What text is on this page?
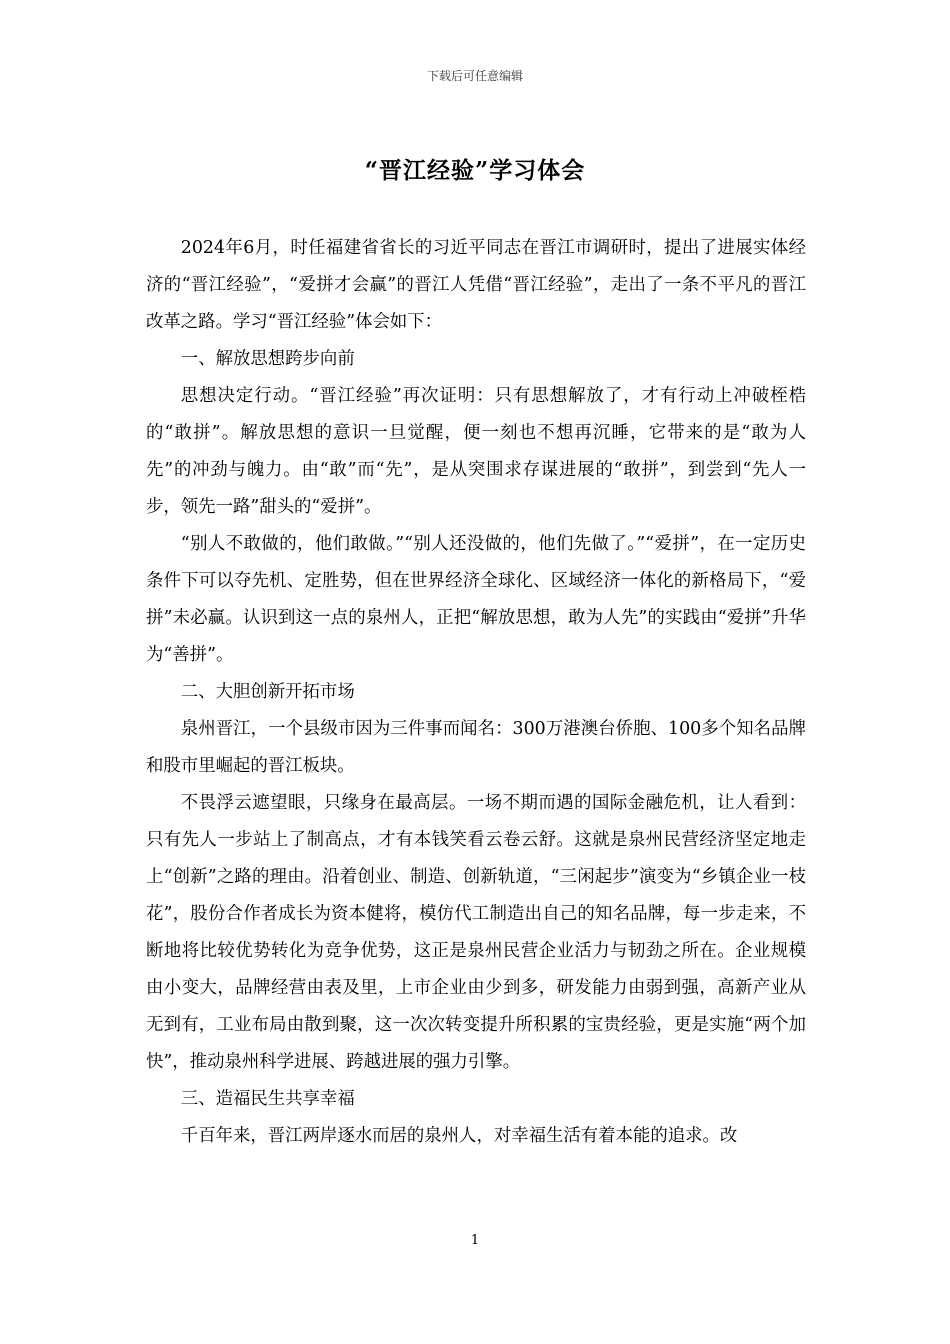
下载后可任意编辑
“晋江经验”学习体会

2024年6月，时任福建省省长的习近平同志在晋江市调研时，提出了进展实体经济的“晋江经验”，“爱拼才会赢”的晋江人凭借“晋江经验”，走出了一条不平凡的晋江改革之路。学习“晋江经验”体会如下：

一、解放思想跨步向前

思想决定行动。“晋江经验”再次证明：只有思想解放了，才有行动上冲破桎梏的“敢拼”。解放思想的意识一旦觉醒，便一刻也不想再沉睡，它带来的是“敢为人先”的冲劲与魄力。由“敢”而“先”，是从突围求存谋进展的“敢拼”，到尝到“先人一步，领先一路”甜头的“爱拼”。

“别人不敢做的，他们敢做。”“别人还没做的，他们先做了。”“爱拼”，在一定历史条件下可以夺先机、定胜势，但在世界经济全球化、区域经济一体化的新格局下，“爱拼”未必赢。认识到这一点的泉州人，正把“解放思想，敢为人先”的实践由“爱拼”升华为“善拼”。

二、大胆创新开拓市场

泉州晋江，一个县级市因为三件事而闻名：300万港澳台侨胞、100多个知名品牌和股市里崛起的晋江板块。

不畏浮云遮望眼，只缘身在最高层。一场不期而遇的国际金融危机，让人看到：只有先人一步站上了制高点，才有本钱笑看云卷云舒。这就是泉州民营经济坚定地走上“创新”之路的理由。沿着创业、制造、创新轨道，“三闲起步”演变为“乡镇企业一枝花”，股份合作者成长为资本健将，模仿代工制造出自己的知名品牌，每一步走来，不断地将比较优势转化为竞争优势，这正是泉州民营企业活力与韧劲之所在。企业规模由小变大，品牌经营由表及里，上市企业由少到多，研发能力由弱到强，高新产业从无到有，工业布局由散到聚，这一次次转变提升所积累的宝贵经验，更是实施“两个加快”，推动泉州科学进展、跨越进展的强力引擎。

三、造福民生共享幸福

千百年来，晋江两岸逐水而居的泉州人，对幸福生活有着本能的追求。改

1
